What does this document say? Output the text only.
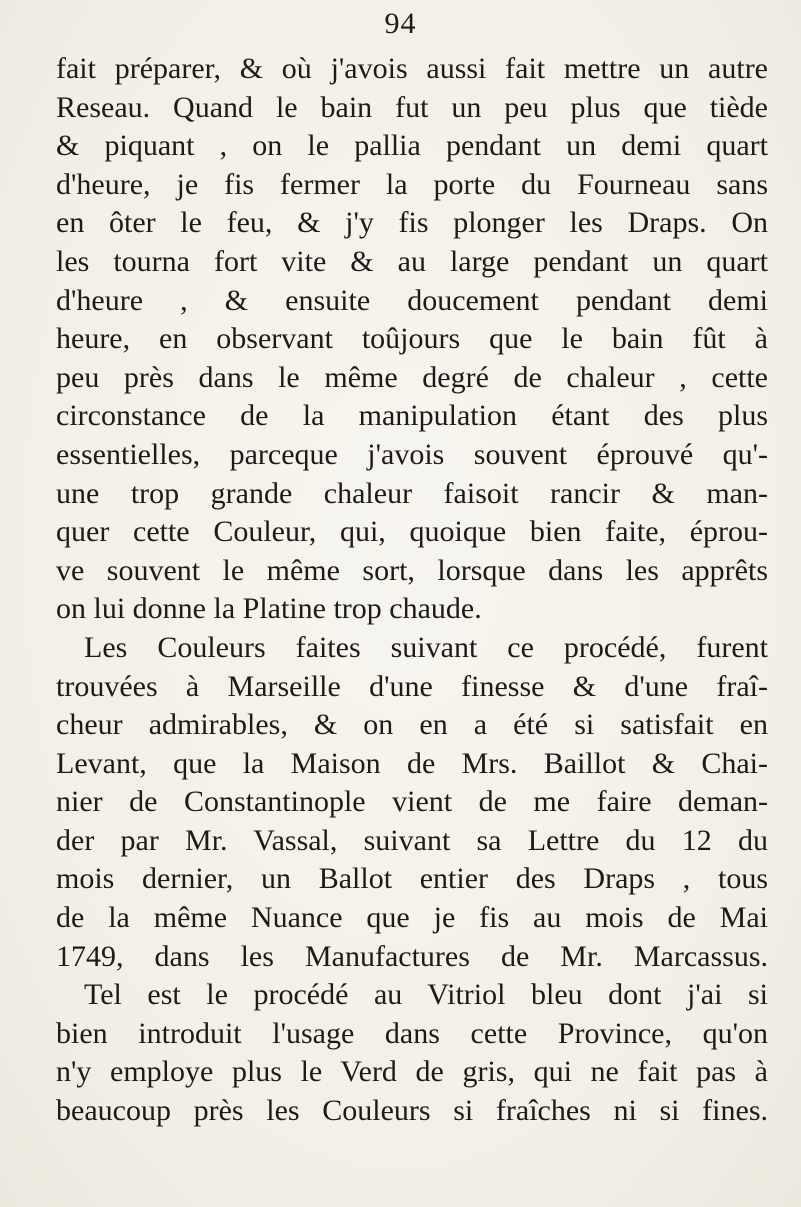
94
fait préparer, & où j'avois aussi fait mettre un autre
Reseau. Quand le bain fut un peu plus que tiède
& piquant , on le pallia pendant un demi quart
d'heure, je fis fermer la porte du Fourneau sans
en ôter le feu, & j'y fis plonger les Draps. On
les tourna fort vite & au large pendant un quart
d'heure , & ensuite doucement pendant demi
heure, en observant toûjours que le bain fût à
peu près dans le même degré de chaleur , cette
circonstance de la manipulation étant des plus
essentielles, parceque j'avois souvent éprouvé qu'-
une trop grande chaleur faisoit rancir & man-
quer cette Couleur, qui, quoique bien faite, éprou-
ve souvent le même sort, lorsque dans les apprêts
on lui donne la Platine trop chaude.
Les Couleurs faites suivant ce procédé, furent
trouvées à Marseille d'une finesse & d'une fraî-
cheur admirables, & on en a été si satisfait en
Levant, que la Maison de Mrs. Baillot & Chai-
nier de Constantinople vient de me faire deman-
der par Mr. Vassal, suivant sa Lettre du 12 du
mois dernier, un Ballot entier des Draps , tous
de la même Nuance que je fis au mois de Mai
1749, dans les Manufactures de Mr. Marcassus.
Tel est le procédé au Vitriol bleu dont j'ai si
bien introduit l'usage dans cette Province, qu'on
n'y employe plus le Verd de gris, qui ne fait pas à
beaucoup près les Couleurs si fraîches ni si fines.
